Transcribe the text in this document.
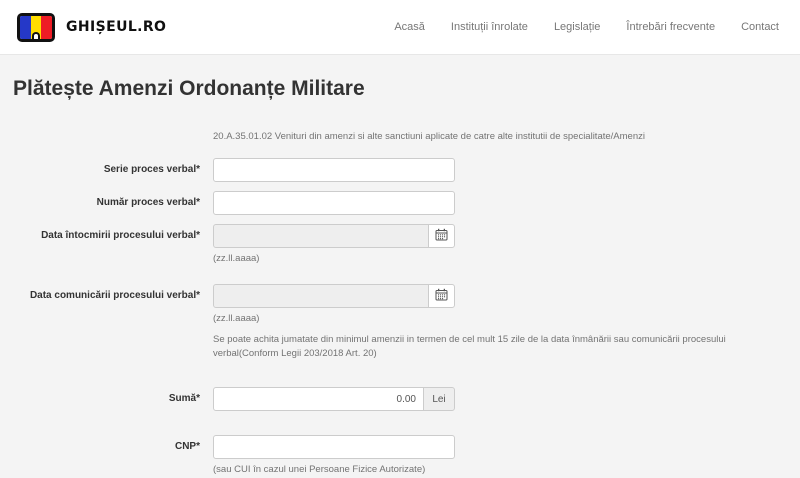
GHIȘEUL.RO	Acasă	Instituții înrolate	Legislație	Întrebări frecvente	Contact
Plătește Amenzi Ordonanțe Militare
20.A.35.01.02 Venituri din amenzi si alte sanctiuni aplicate de catre alte institutii de specialitate/Amenzi
Serie proces verbal*
Număr proces verbal*
Data întocmirii procesului verbal*
(zz.ll.aaaa)
Data comunicării procesului verbal*
(zz.ll.aaaa)
Se poate achita jumatate din minimul amenzii in termen de cel mult 15 zile de la data înmânării sau comunicării procesului verbal(Conform Legii 203/2018 Art. 20)
Sumă*
0.00	Lei
CNP*
(sau CUI în cazul unei Persoane Fizice Autorizate)
